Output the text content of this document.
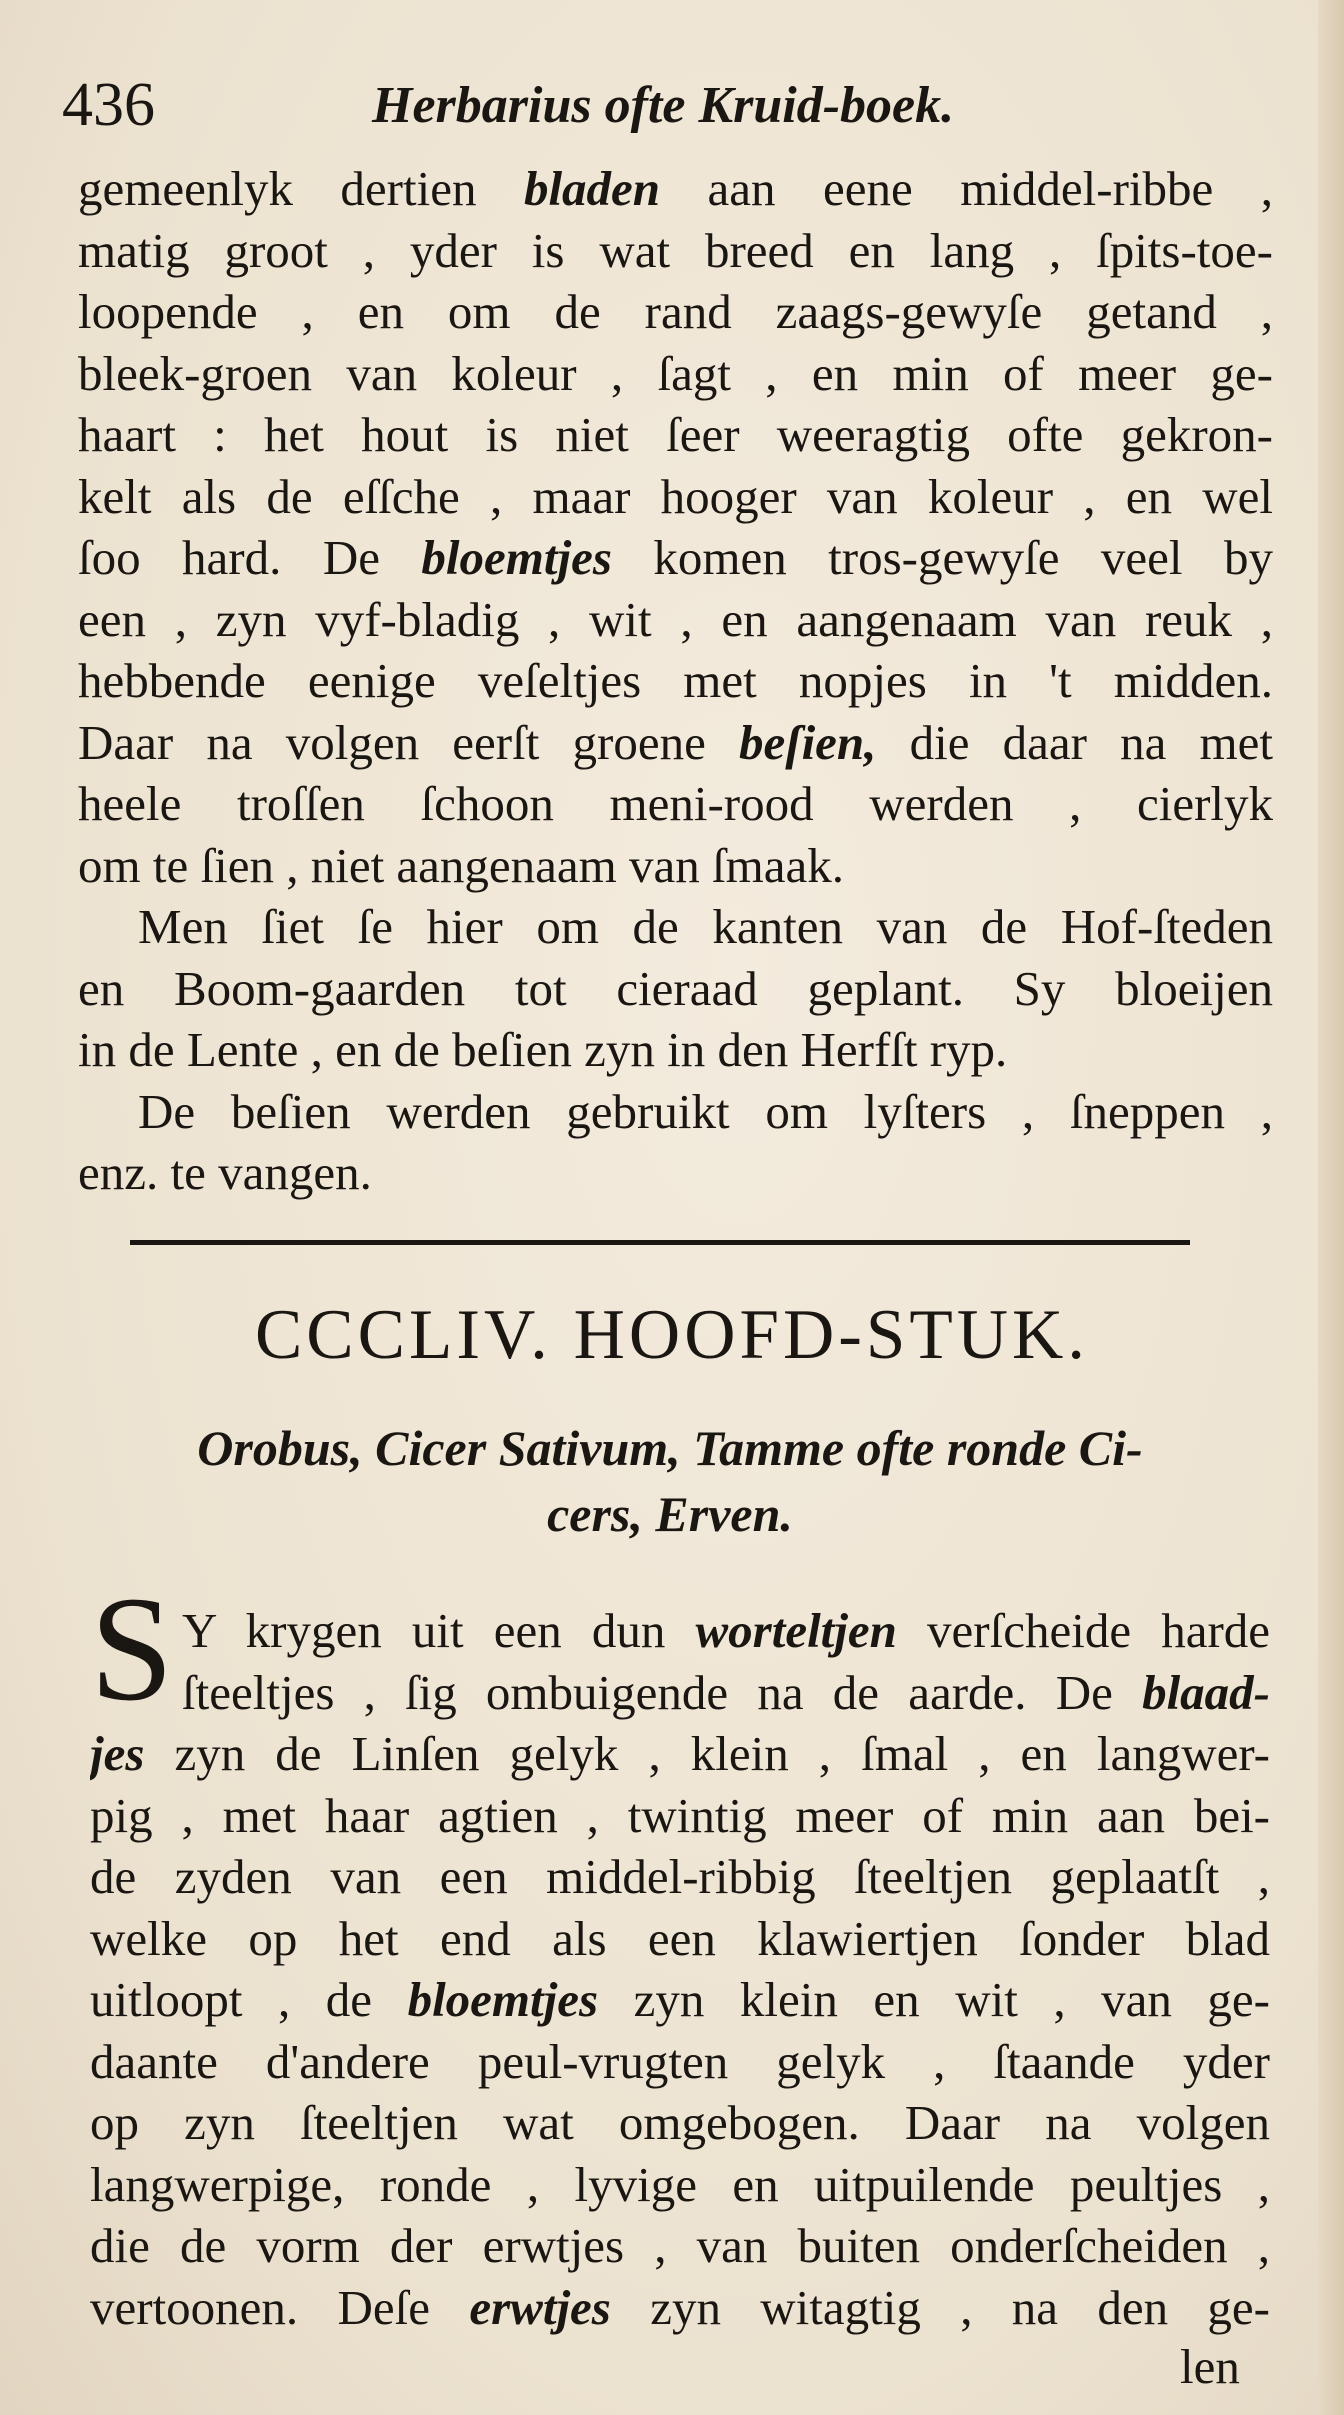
436	Herbarius ofte Kruid-boek.
gemeenlyk dertien bladen aan eene middel-ribbe ,
matig groot , yder is wat breed en lang , ſpits-toe-
loopende , en om de rand zaags-gewyſe getand ,
bleek-groen van koleur , ſagt , en min of meer ge-
haart : het hout is niet ſeer weeragtig ofte gekron-
kelt als de eſſche , maar hooger van koleur , en wel
ſoo hard. De bloemtjes komen tros-gewyſe veel by
een , zyn vyf-bladig , wit , en aangenaam van reuk ,
hebbende eenige veſeltjes met nopjes in 't midden.
Daar na volgen eerſt groene beſien, die daar na met
heele troſſen ſchoon meni-rood werden , cierlyk
om te ſien , niet aangenaam van ſmaak.
Men ſiet ſe hier om de kanten van de Hof-ſteden
en Boom-gaarden tot cieraad geplant. Sy bloeijen
in de Lente , en de beſien zyn in den Herfſt ryp.
De beſien werden gebruikt om lyſters , ſneppen ,
enz. te vangen.
CCCLIV. HOOFD-STUK.
Orobus, Cicer Sativum, Tamme ofte ronde Ci-
cers, Erven.
S Y krygen uit een dun worteltjen verſcheide harde
ſteeltjes , ſig ombuigende na de aarde. De blaad-
jes zyn de Linſen gelyk , klein , ſmal , en langwer-
pig , met haar agtien , twintig meer of min aan bei-
de zyden van een middel-ribbig ſteeltjen geplaatſt ,
welke op het end als een klawiertjen ſonder blad
uitloopt , de bloemtjes zyn klein en wit , van ge-
daante d'andere peul-vrugten gelyk , ſtaande yder
op zyn ſteeltjen wat omgebogen. Daar na volgen
langwerpige, ronde , lyvige en uitpuilende peultjes ,
die de vorm der erwtjes , van buiten onderſcheiden ,
vertoonen. Deſe erwtjes zyn witagtig , na den ge-
len
